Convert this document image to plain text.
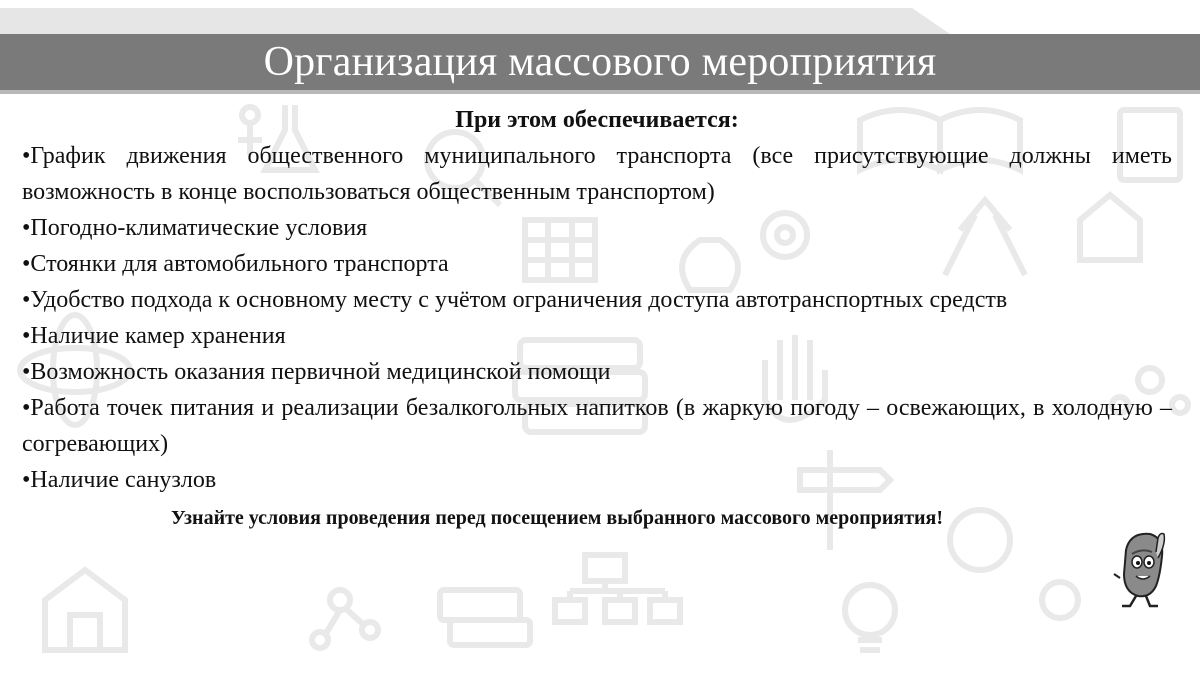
Организация массового мероприятия
При этом обеспечивается:
•График движения общественного муниципального транспорта (все присутствующие должны иметь возможность в конце воспользоваться общественным транспортом)
•Погодно-климатические условия
•Стоянки для автомобильного транспорта
•Удобство подхода к основному месту с учётом ограничения доступа автотранспортных средств
•Наличие камер хранения
•Возможность оказания первичной медицинской помощи
•Работа точек питания и реализации безалкогольных напитков (в жаркую погоду – освежающих, в холодную – согревающих)
•Наличие санузлов
Узнайте условия проведения перед посещением выбранного массового мероприятия!
